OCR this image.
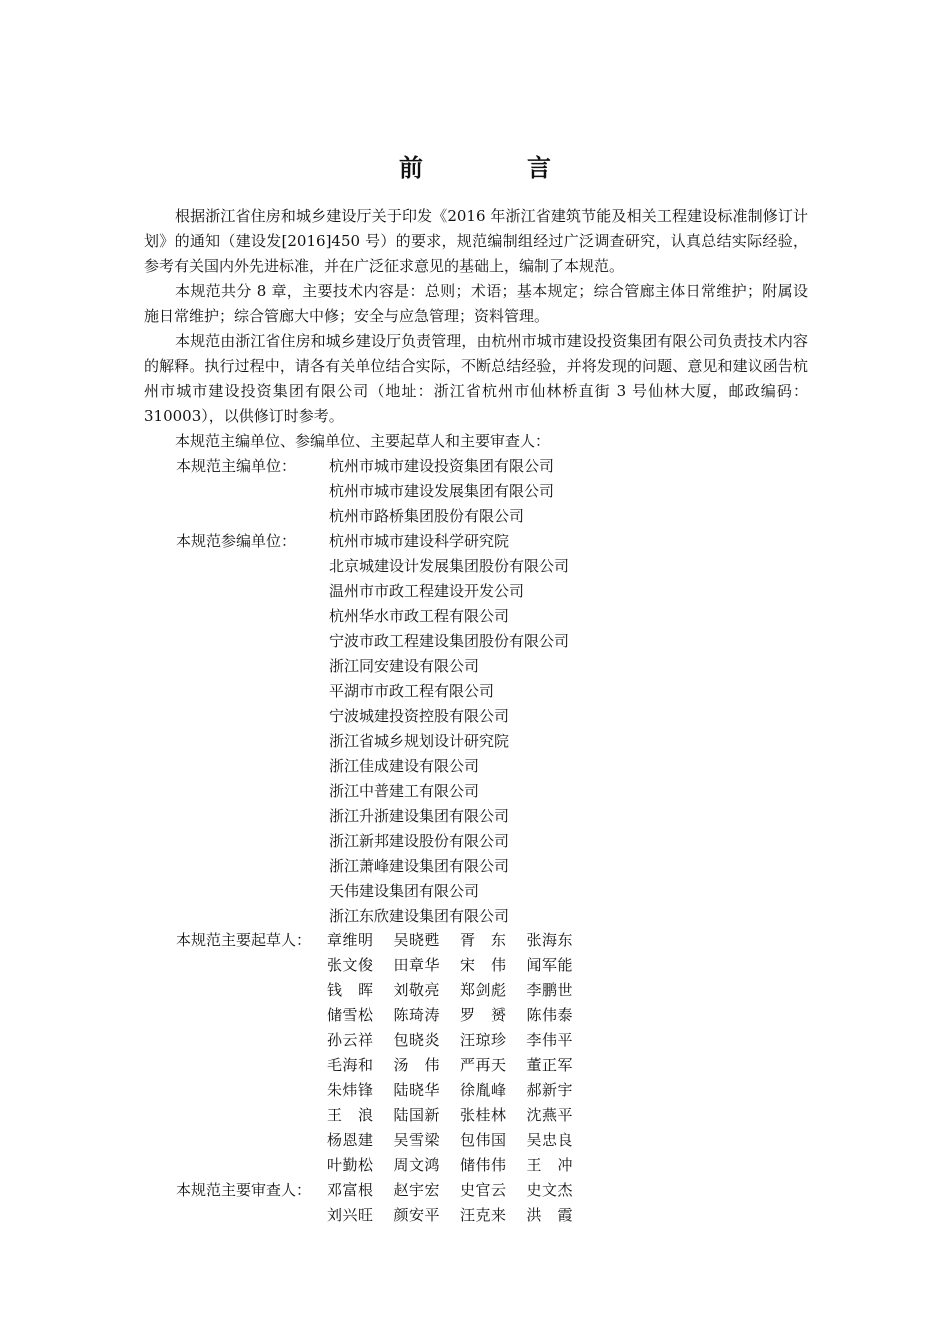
前　言

根据浙江省住房和城乡建设厅关于印发《2016 年浙江省建筑节能及相关工程建设标准制修订计划》的通知（建设发[2016]450 号）的要求，规范编制组经过广泛调查研究，认真总结实际经验，参考有关国内外先进标准，并在广泛征求意见的基础上，编制了本规范。

本规范共分 8 章，主要技术内容是：总则；术语；基本规定；综合管廊主体日常维护；附属设施日常维护；综合管廊大中修；安全与应急管理；资料管理。

本规范由浙江省住房和城乡建设厅负责管理，由杭州市城市建设投资集团有限公司负责技术内容的解释。执行过程中，请各有关单位结合实际，不断总结经验，并将发现的问题、意见和建议函告杭州市城市建设投资集团有限公司（地址：浙江省杭州市仙林桥直街 3 号仙林大厦，邮政编码：310003），以供修订时参考。

本规范主编单位、参编单位、主要起草人和主要审查人：

本规范主编单位： 杭州市城市建设投资集团有限公司
杭州市城市建设发展集团有限公司
杭州市路桥集团股份有限公司
本规范参编单位： 杭州市城市建设科学研究院
北京城建设计发展集团股份有限公司
温州市市政工程建设开发公司
杭州华水市政工程有限公司
宁波市政工程建设集团股份有限公司
浙江同安建设有限公司
平湖市市政工程有限公司
宁波城建投资控股有限公司
浙江省城乡规划设计研究院
浙江佳成建设有限公司
浙江中普建工有限公司
浙江升浙建设集团有限公司
浙江新邦建设股份有限公司
浙江萧峰建设集团有限公司
天伟建设集团有限公司
浙江东欣建设集团有限公司
本规范主要起草人： 章维明 吴晓甦 胥东 张海东
张文俊 田章华 宋伟 闻军能
钱晖 刘敬亮 郑剑彪 李鹏世
储雪松 陈琦涛 罗赟 陈伟泰
孙云祥 包晓炎 汪琼珍 李伟平
毛海和 汤伟 严再天 董正军
朱炜锋 陆晓华 徐胤峰 郝新宇
王浪 陆国新 张桂林 沈燕平
杨恩建 吴雪梁 包伟国 吴忠良
叶勤松 周文鸿 储伟伟 王冲
本规范主要审查人： 邓富根 赵宇宏 史官云 史文杰
刘兴旺 颜安平 汪克来 洪霞
